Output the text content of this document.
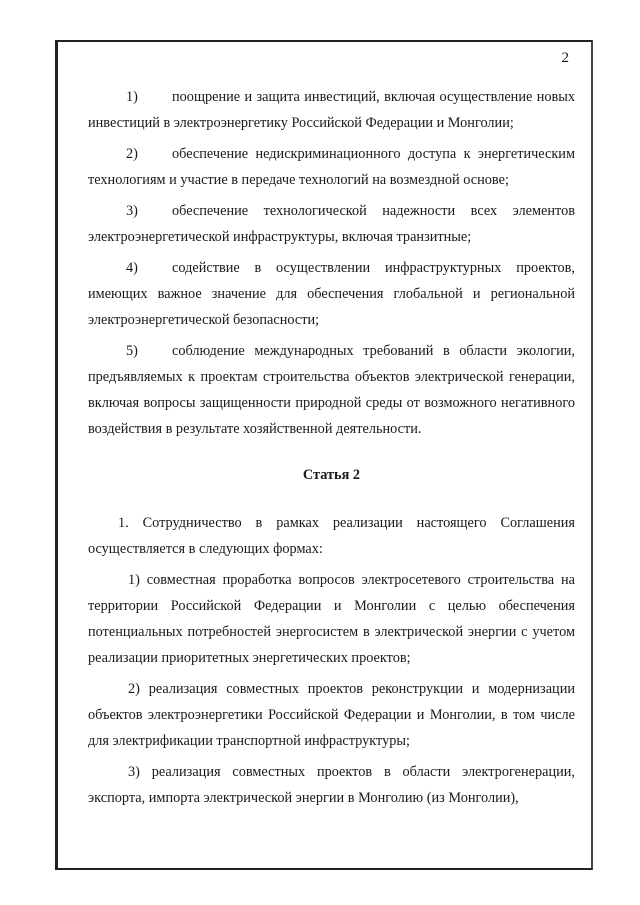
2

1) поощрение и защита инвестиций, включая осуществление новых инвестиций в электроэнергетику Российской Федерации и Монголии;

2) обеспечение недискриминационного доступа к энергетическим технологиям и участие в передаче технологий на возмездной основе;

3) обеспечение технологической надежности всех элементов электроэнергетической инфраструктуры, включая транзитные;

4) содействие в осуществлении инфраструктурных проектов, имеющих важное значение для обеспечения глобальной и региональной электроэнергетической безопасности;

5) соблюдение международных требований в области экологии, предъявляемых к проектам строительства объектов электрической генерации, включая вопросы защищенности природной среды от возможного негативного воздействия в результате хозяйственной деятельности.

Статья 2

1. Сотрудничество в рамках реализации настоящего Соглашения осуществляется в следующих формах:

1) совместная проработка вопросов электросетевого строительства на территории Российской Федерации и Монголии с целью обеспечения потенциальных потребностей энергосистем в электрической энергии с учетом реализации приоритетных энергетических проектов;

2) реализация совместных проектов реконструкции и модернизации объектов электроэнергетики Российской Федерации и Монголии, в том числе для электрификации транспортной инфраструктуры;

3) реализация совместных проектов в области электрогенерации, экспорта, импорта электрической энергии в Монголию (из Монголии),
